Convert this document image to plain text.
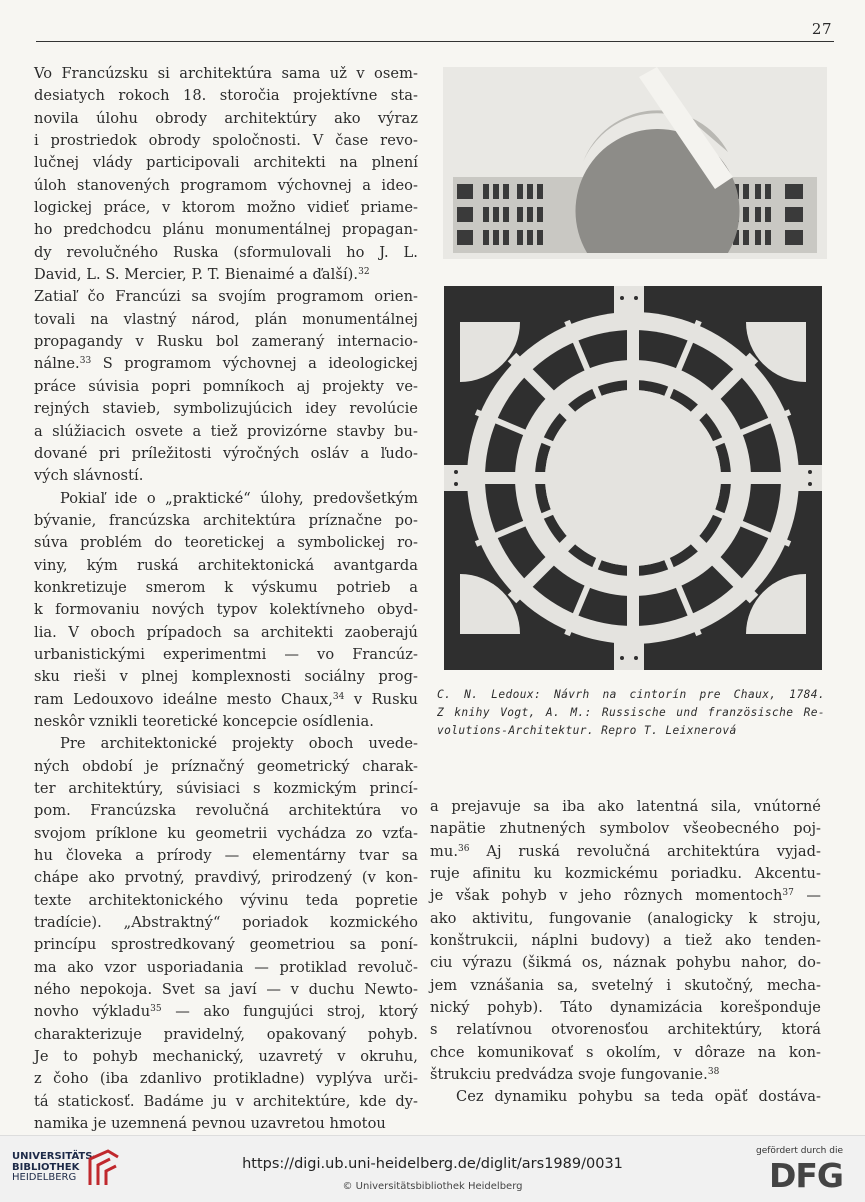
27

Vo Francúzsku si architektúra sama už v osem-
desiatych rokoch 18. storočia projektívne sta-
novila úlohu obrody architektúry ako výraz
i prostriedok obrody spoločnosti. V čase revo-
lučnej vlády participovali architekti na plnení
úloh stanovených programom výchovnej a ideo-
logickej práce, v ktorom možno vidieť priame-
ho predchodcu plánu monumentálnej propagan-
dy revolučného Ruska (sformulovali ho J. L.
David, L. S. Mercier, P. T. Bienaimé a ďalší).$^{32}$
Zatiaľ čo Francúzi sa svojím programom orien-
tovali na vlastný národ, plán monumentálnej
propagandy v Rusku bol zameraný internacio-
nálne.$^{33}$ S programom výchovnej a ideologickej
práce súvisia popri pomníkoch aj projekty ve-
rejných stavieb, symbolizujúcich idey revolúcie
a slúžiacich osvete a tiež provizórne stavby bu-
dované pri príležitosti výročných osláv a ľudo-
vých slávností.

Pokiaľ ide o „praktické“ úlohy, predovšetkým
bývanie, francúzska architektúra príznačne po-
súva problém do teoretickej a symbolickej ro-
viny, kým ruská architektonická avantgarda
konkretizuje smerom k výskumu potrieb a
k formovaniu nových typov kolektívneho obyd-
lia. V oboch prípadoch sa architekti zaoberajú
urbanistickými experimentmi — vo Francúz-
sku rieši v plnej komplexnosti sociálny prog-
ram Ledouxovo ideálne mesto Chaux,$^{34}$ v Rusku
neskôr vznikli teoretické koncepcie osídlenia.

Pre architektonické projekty oboch uvede-
ných období je príznačný geometrický charak-
ter architektúry, súvisiaci s kozmickým princí-
pom. Francúzska revolučná architektúra vo
svojom príklone ku geometrii vychádza zo vzťa-
hu človeka a prírody — elementárny tvar sa
chápe ako prvotný, pravdivý, prirodzený (v kon-
texte architektonického vývinu teda popretie
tradície). „Abstraktný“ poriadok kozmického
princípu sprostredkovaný geometriou sa poní-
ma ako vzor usporiadania — protiklad revoluč-
ného nepokoja. Svet sa javí — v duchu Newto-
novho výkladu$^{35}$ — ako fungujúci stroj, ktorý
charakterizuje pravidelný, opakovaný pohyb.
Je to pohyb mechanický, uzavretý v okruhu,
z čoho (iba zdanlivo protikladne) vyplýva urči-
tá statickosť. Badáme ju v architektúre, kde dy-
namika je uzemnená pevnou uzavretou hmotou

C. N. Ledoux: Návrh na cintorín pre Chaux, 1784.
Z knihy Vogt, A. M.: Russische und französische Re-
volutions-Architektur. Repro T. Leixnerová

a prejavuje sa iba ako latentná sila, vnútorné
napätie zhutnených symbolov všeobecného poj-
mu.$^{36}$ Aj ruská revolučná architektúra vyjad-
ruje afinitu ku kozmickému poriadku. Akcentu-
je však pohyb v jeho rôznych momentoch$^{37}$ —
ako aktivitu, fungovanie (analogicky k stroju,
konštrukcii, náplni budovy) a tiež ako tenden-
ciu výrazu (šikmá os, náznak pohybu nahor, do-
jem vznášania sa, svetelný i skutočný, mecha-
nický pohyb). Táto dynamizácia korešponduje
s relatívnou otvorenosťou architektúry, ktorá
chce komunikovať s okolím, v dôraze na kon-
štrukciu predvádza svoje fungovanie.$^{38}$

Cez dynamiku pohybu sa teda opäť dostáva-

UNIVERSITÄTS-
BIBLIOTHEK
HEIDELBERG
https://digi.ub.uni-heidelberg.de/diglit/ars1989/0031
© Universitätsbibliothek Heidelberg
gefördert durch die
DFG
